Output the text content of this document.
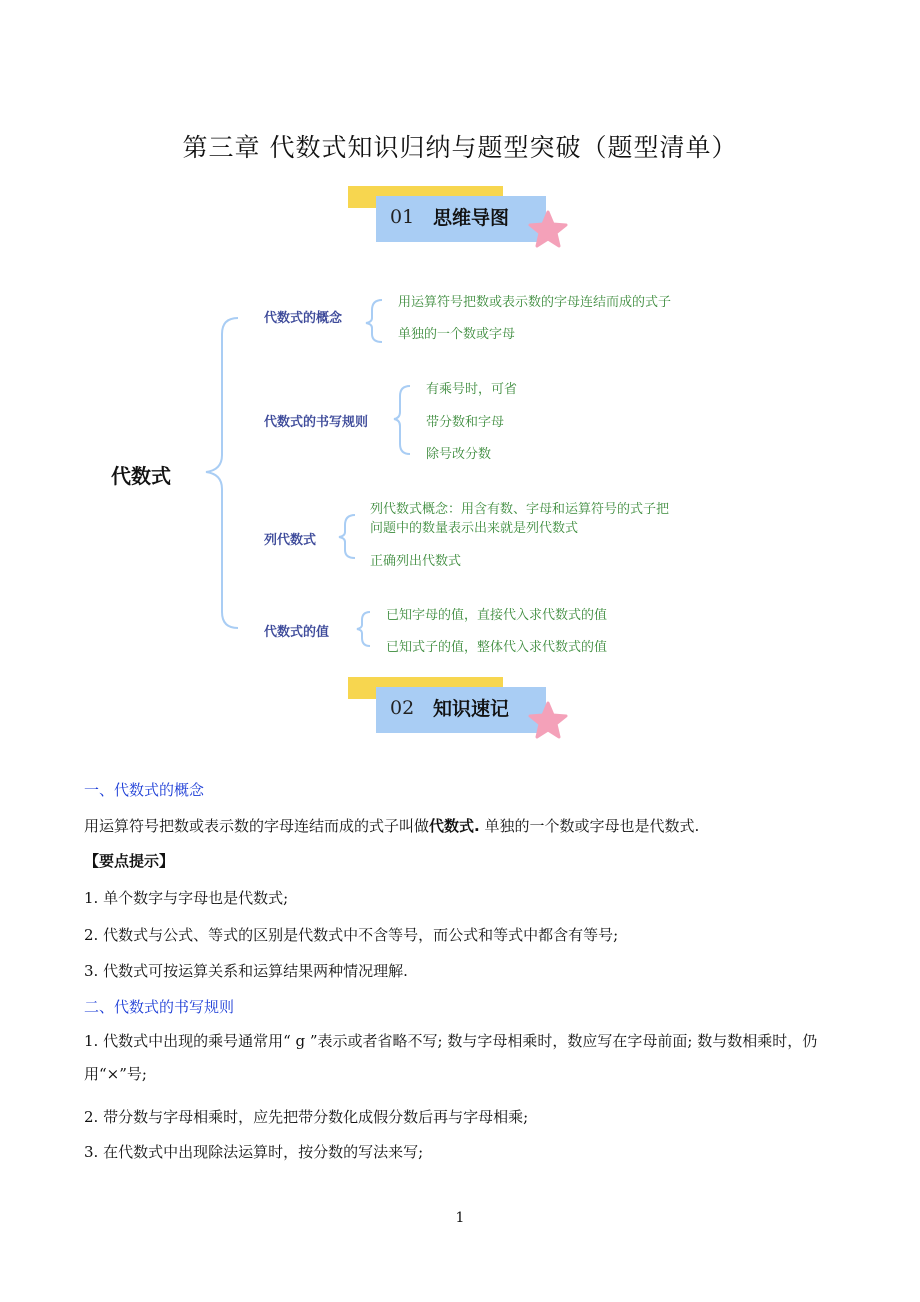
第三章 代数式知识归纳与题型突破（题型清单）
01 思维导图
代数式
代数式的概念
用运算符号把数或表示数的字母连结而成的式子
单独的一个数或字母
代数式的书写规则
有乘号时，可省
带分数和字母
除号改分数
列代数式
列代数式概念：用含有数、字母和运算符号的式子把
问题中的数量表示出来就是列代数式
正确列出代数式
代数式的值
已知字母的值，直接代入求代数式的值
已知式子的值，整体代入求代数式的值
02 知识速记
一、代数式的概念
用运算符号把数或表示数的字母连结而成的式子叫做代数式. 单独的一个数或字母也是代数式.
【要点提示】
1. 单个数字与字母也是代数式;
2. 代数式与公式、等式的区别是代数式中不含等号，而公式和等式中都含有等号;
3. 代数式可按运算关系和运算结果两种情况理解.
二、代数式的书写规则
1. 代数式中出现的乘号通常用“ g ”表示或者省略不写; 数与字母相乘时，数应写在字母前面; 数与数相乘时，仍用“×”号;
2. 带分数与字母相乘时，应先把带分数化成假分数后再与字母相乘;
3. 在代数式中出现除法运算时，按分数的写法来写;
1
